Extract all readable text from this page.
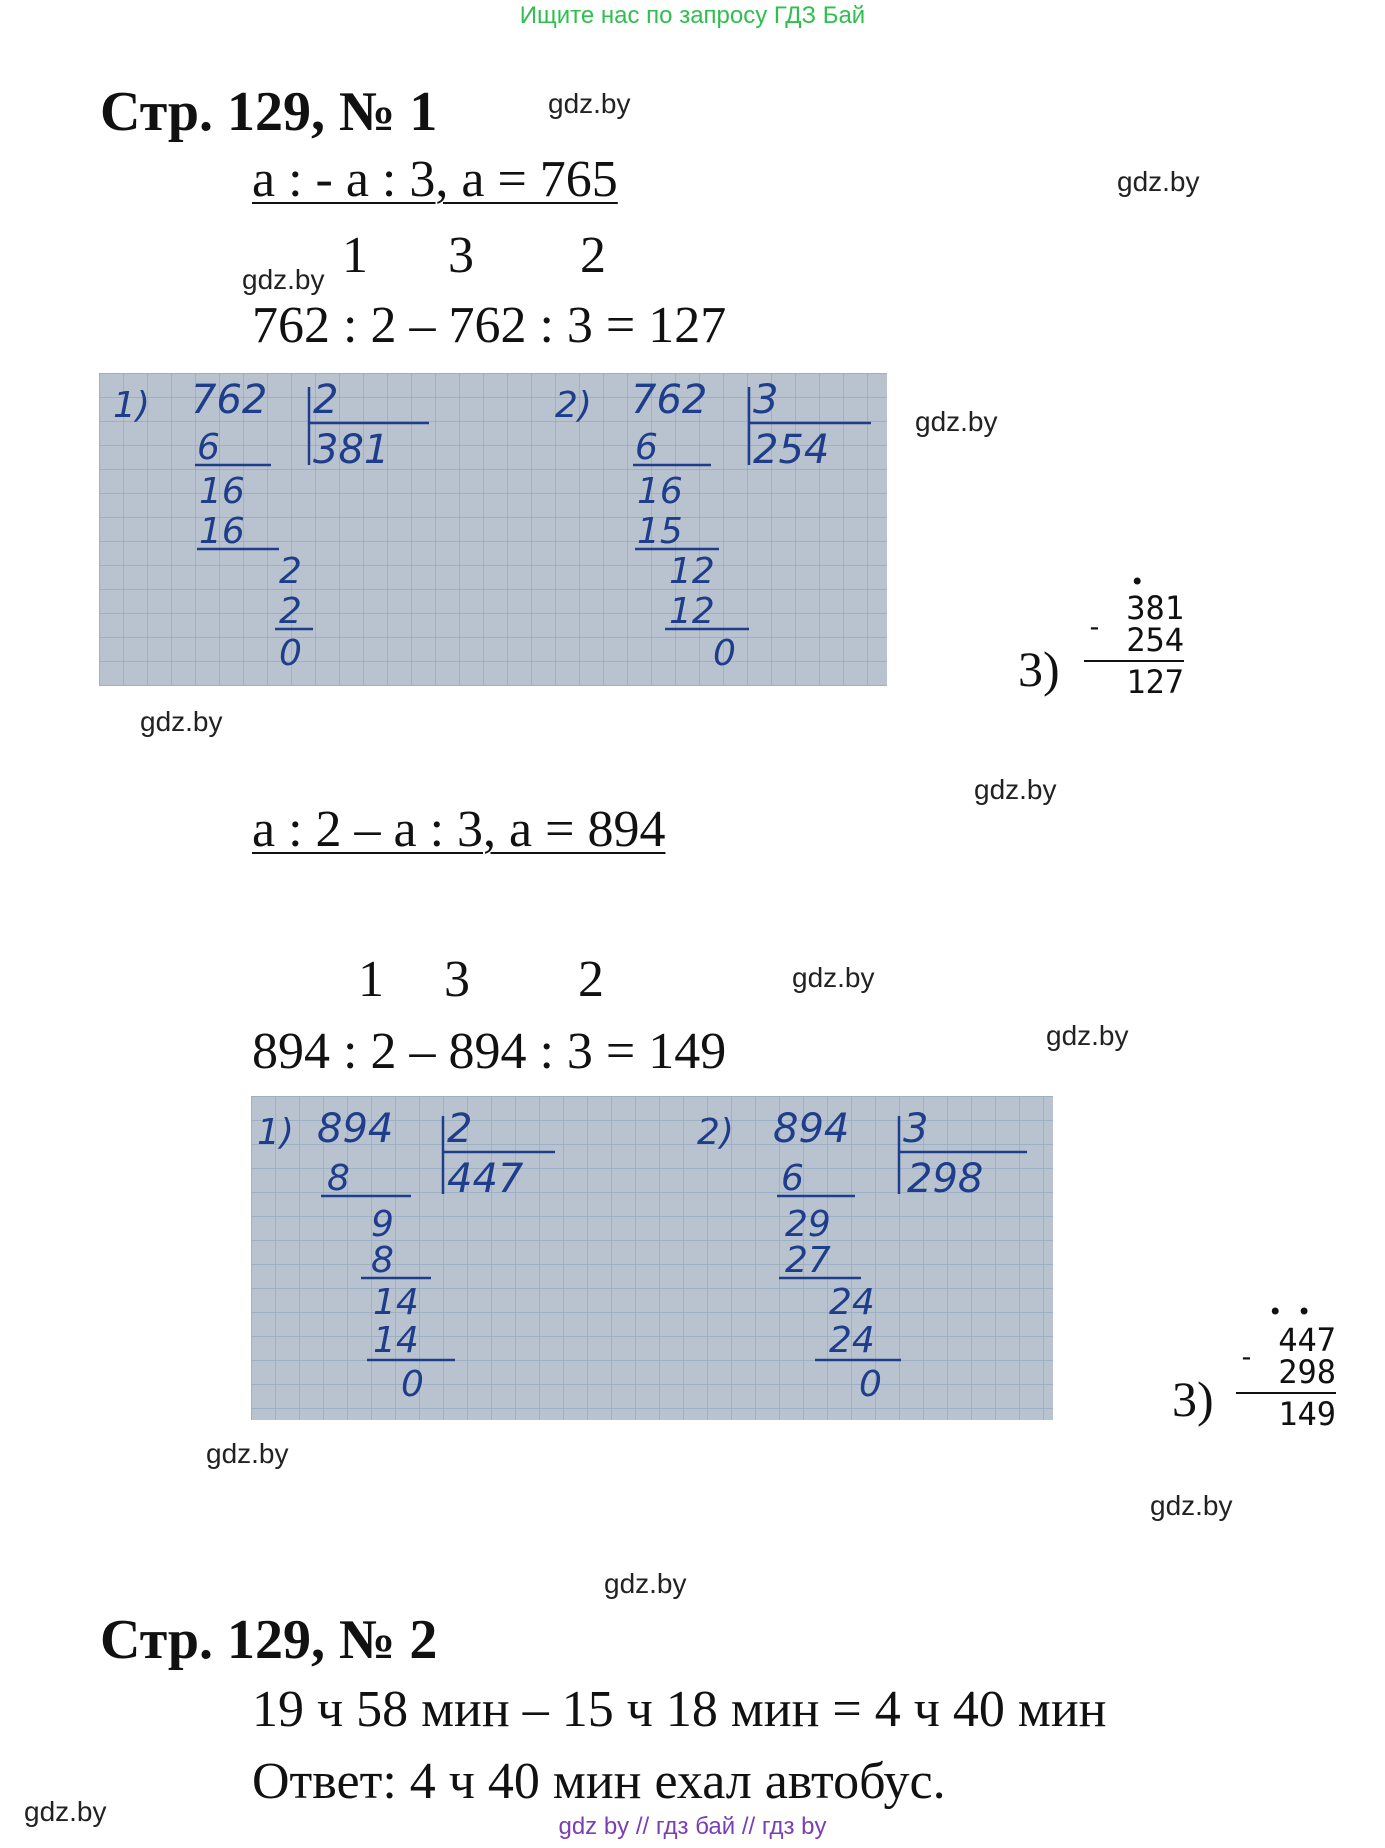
Ищите нас по запросу ГДЗ Бай
Стр. 129, № 1	gdz.by
а : - а : 3, а = 765	gdz.by
gdz.by 1 3 2
762 : 2 – 762 : 3 = 127
1) 762 2
381
6
16
16
2
2
0
2) 762 3
254
6
16
15
12
12
0
gdz.by
•
3)
381
254
127
-
gdz.by
gdz.by
а : 2 – а : 3, а = 894
1 3 2	gdz.by
894 : 2 – 894 : 3 = 149	gdz.by
1) 894 2
447
8
9
8
14
14
0
2) 894 3
298
6
29
27
24
24
0
• •
3)
447
298
149
-
gdz.by
gdz.by
gdz.by
Стр. 129, № 2
19 ч 58 мин – 15 ч 18 мин = 4 ч 40 мин
Ответ: 4 ч 40 мин ехал автобус.
gdz.by	gdz by // гдз бай // гдз by
